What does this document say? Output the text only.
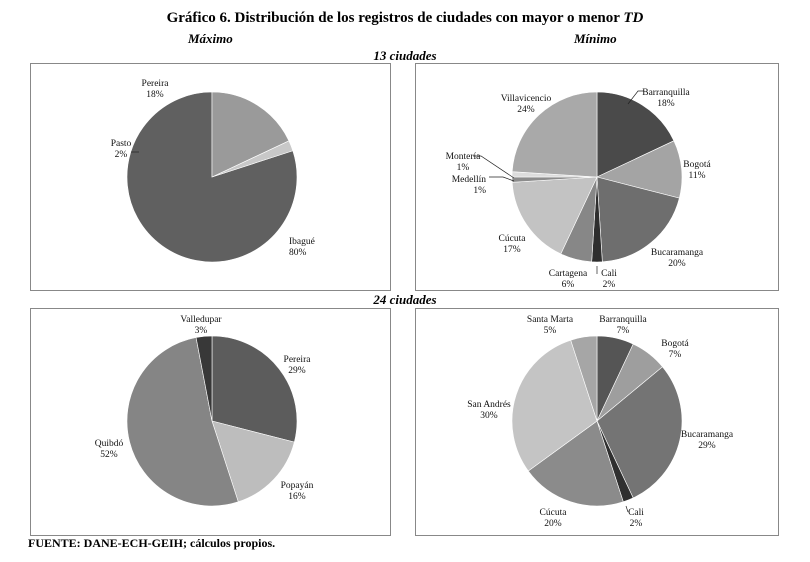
Gráfico 6. Distribución de los registros de ciudades con mayor o menor TD
Máximo	Mínimo
13 ciudades
24 ciudades
Ibagué
80%
Pasto
2%
Pereira
18%	Barranquilla
18%
Bogotá
11%
Bucaramanga
20%
Cali
2%
Cartagena
6%
Cúcuta
17%
Medellín
1%
Montería
1%
Villavicencio
24%
Pereira
29%
Popayán
16%
Quibdó
52%
Valledupar
3%
Barranquilla
7%
Bogotá
7%
Bucaramanga
29%
Cali
2%
Cúcuta
20%
San Andrés
30%
Santa Marta
5%
FUENTE: DANE-ECH-GEIH; cálculos propios.
